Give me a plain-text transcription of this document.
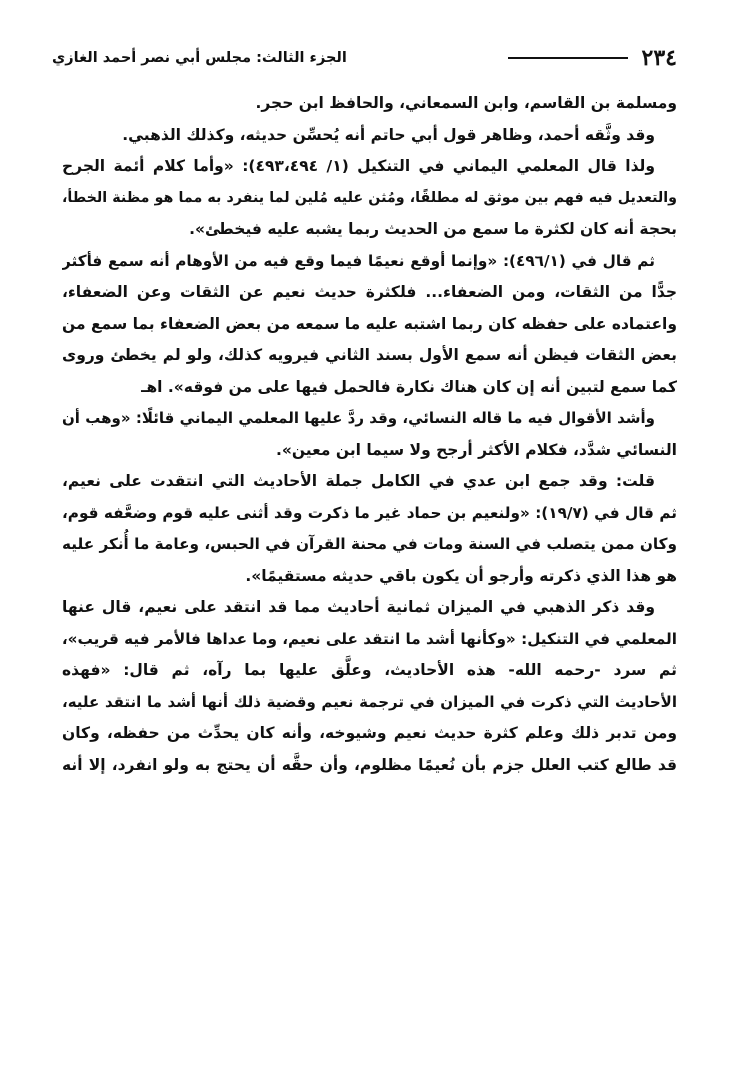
٢٣٤
الجزء الثالث: مجلس أبي نصر أحمد الغازي
ومسلمة بن القاسم، وابن السمعاني، والحافظ ابن حجر.
وقد وثَّقه أحمد، وظاهر قول أبي حاتم أنه يُحسِّن حديثه، وكذلك الذهبي.
ولذا قال المعلمي اليماني في التنكيل (١/ ٤٩٣،٤٩٤): «وأما كلام أئمة الجرح
والتعديل فيه فهم بين موثق له مطلقًا، ومُثن عليه مُلين لما ينفرد به مما هو مظنة الخطأ،
بحجة أنه كان لكثرة ما سمع من الحديث ربما يشبه عليه فيخطئ».
ثم قال في (٤٩٦/١): «وإنما أوقع نعيمًا فيما وقع فيه من الأوهام أنه سمع فأكثر
جدًّا من الثقات، ومن الضعفاء... فلكثرة حديث نعيم عن الثقات وعن الضعفاء،
واعتماده على حفظه كان ربما اشتبه عليه ما سمعه من بعض الضعفاء بما سمع من
بعض الثقات فيظن أنه سمع الأول بسند الثاني فيرويه كذلك، ولو لم يخطئ وروى
كما سمع لتبين أنه إن كان هناك نكارة فالحمل فيها على من فوقه». اهـ
وأشد الأقوال فيه ما قاله النسائي، وقد ردَّ عليها المعلمي اليماني قائلًا: «وهب أن
النسائي شدَّد، فكلام الأكثر أرجح ولا سيما ابن معين».
قلت: وقد جمع ابن عدي في الكامل جملة الأحاديث التي انتقدت على نعيم،
ثم قال في (١٩/٧): «ولنعيم بن حماد غير ما ذكرت وقد أثنى عليه قوم وضعَّفه قوم،
وكان ممن يتصلب في السنة ومات في محنة القرآن في الحبس، وعامة ما أُنكر عليه
هو هذا الذي ذكرته وأرجو أن يكون باقي حديثه مستقيمًا».
وقد ذكر الذهبي في الميزان ثمانية أحاديث مما قد انتقد على نعيم، قال عنها
المعلمي في التنكيل: «وكأنها أشد ما انتقد على نعيم، وما عداها فالأمر فيه قريب»،
ثم سرد -رحمه الله- هذه الأحاديث، وعلَّق عليها بما رآه، ثم قال: «فهذه
الأحاديث التي ذكرت في الميزان في ترجمة نعيم وقضية ذلك أنها أشد ما انتقد عليه،
ومن تدبر ذلك وعلم كثرة حديث نعيم وشيوخه، وأنه كان يحدِّث من حفظه، وكان
قد طالع كتب العلل جزم بأن نُعيمًا مظلوم، وأن حقَّه أن يحتج به ولو انفرد، إلا أنه
